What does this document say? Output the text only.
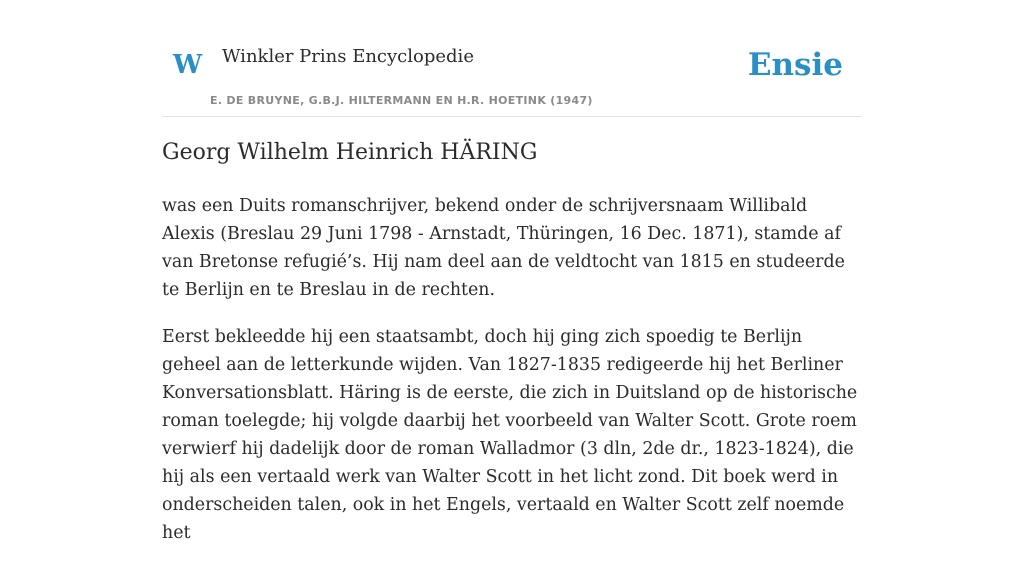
W Winkler Prins Encyclopedie
E. DE BRUYNE, G.B.J. HILTERMANN EN H.R. HOETINK (1947)
Ensie
Georg Wilhelm Heinrich HÄRING

was een Duits romanschrijver, bekend onder de schrijversnaam Willibald Alexis (Breslau 29 Juni 1798 - Arnstadt, Thüringen, 16 Dec. 1871), stamde af van Bretonse refugié’s. Hij nam deel aan de veldtocht van 1815 en studeerde te Berlijn en te Breslau in de rechten.

Eerst bekleedde hij een staatsambt, doch hij ging zich spoedig te Berlijn geheel aan de letterkunde wijden. Van 1827-1835 redigeerde hij het Berliner Konversationsblatt. Häring is de eerste, die zich in Duitsland op de historische roman toelegde; hij volgde daarbij het voorbeeld van Walter Scott. Grote roem verwierf hij dadelijk door de roman Walladmor (3 dln, 2de dr., 1823-1824), die hij als een vertaald werk van Walter Scott in het licht zond. Dit boek werd in onderscheiden talen, ook in het Engels, vertaald en Walter Scott zelf noemde het
